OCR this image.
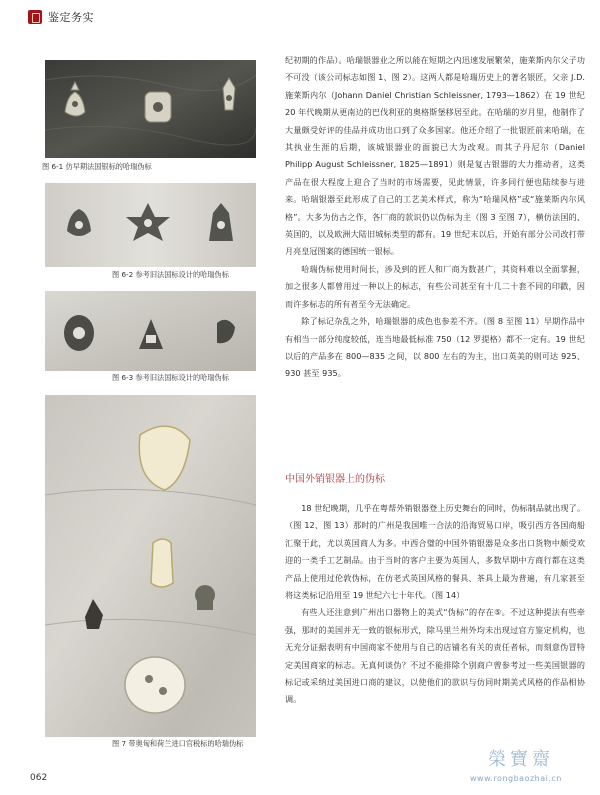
鉴定务实
图 6-1 仿早期法国银标的哈瑞伪标
图 6-2 参考旧法国标设计的哈瑞伪标
图 6-3 参考旧法国标设计的哈瑞伪标
图 7 带奥匈和荷兰进口官税标的哈瑞伪标

纪初期的作品）。哈瑞银器业之所以能在短期之内迅速发展繁荣，施莱斯内尔父子功不可没（该公司标志如图 1、图 2）。这两人都是哈瑞历史上的著名银匠，父亲 J.D. 施莱斯内尔（Johann Daniel Christian Schleissner, 1793—1862）在 19 世纪 20 年代晚期从更南边的巴伐利亚的奥格斯堡移居至此。在哈瑞的岁月里，他制作了大量颇受好评的佳品并成功出口到了众多国家。他还介绍了一批银匠前来哈瑞，在其执业生涯的后期，该城银器业的面貌已大为改观。而其子丹尼尔（Daniel Philipp August Schleissner, 1825—1891）则是复古银器的大力推动者，这类产品在很大程度上迎合了当时的市场需要，见此情景，许多同行便也陆续参与进来。哈瑞银器至此形成了自己的工艺美术样式，称为“哈瑞风格”或“施莱斯内尔风格”。大多为仿古之作，各厂商的款识仍以伪标为主（图 3 至图 7），横仿法国的、英国的，以及欧洲大陆旧城标类型的都有。19 世纪末以后，开始有部分公司改打带月亮皇冠图案的德国统一银标。

哈瑞伪标使用时间长，涉及到的匠人和厂商为数甚广，其资料难以全面掌握，加之很多人都曾用过一种以上的标志，有些公司甚至有十几二十套不同的印戳，因而许多标志的所有者至今无法确定。

除了标记杂乱之外，哈瑞银器的成色也参差不齐。（图 8 至图 11）早期作品中有相当一部分纯度较低，连当地最低标准 750（12 罗提格）都不一定有。19 世纪以后的产品多在 800—835 之间，以 800 左右的为主，出口英美的则可达 925、930 甚至 935。

中国外销银器上的伪标

18 世纪晚期，几乎在粤帮外销银器登上历史舞台的同时，伪标制品就出现了。（图 12、图 13）那时的广州是我国唯一合法的沿海贸易口岸，吸引西方各国商船汇聚于此，尤以英国商人为多。中西合璧的中国外销银器是众多出口货物中颇受欢迎的一类手工艺制品。由于当时的客户主要为英国人，多数早期中方商行都在这类产品上使用过伦敦伪标，在仿老式英国风格的餐具、茶具上最为普遍，有几家甚至将这类标记沿用至 19 世纪六七十年代。（图 14）

有些人还注意到广州出口器物上的美式“伪标”的存在⑤。不过这种提法有些牵强，那时的美国并无一致的银标形式，除马里兰州外均未出现过官方鉴定机构，也无充分证据表明有中国商家不使用与自己的店铺名有关的责任者标，而刻意伪冒特定美国商家的标志。无真何谈伪？不过不能排除个别商户曾参考过一些美国银器的标记或采纳过美国进口商的建议，以使他们的款识与仿同时期美式风格的作品相协调。

062
榮寶齋
www.rongbaozhai.cn
